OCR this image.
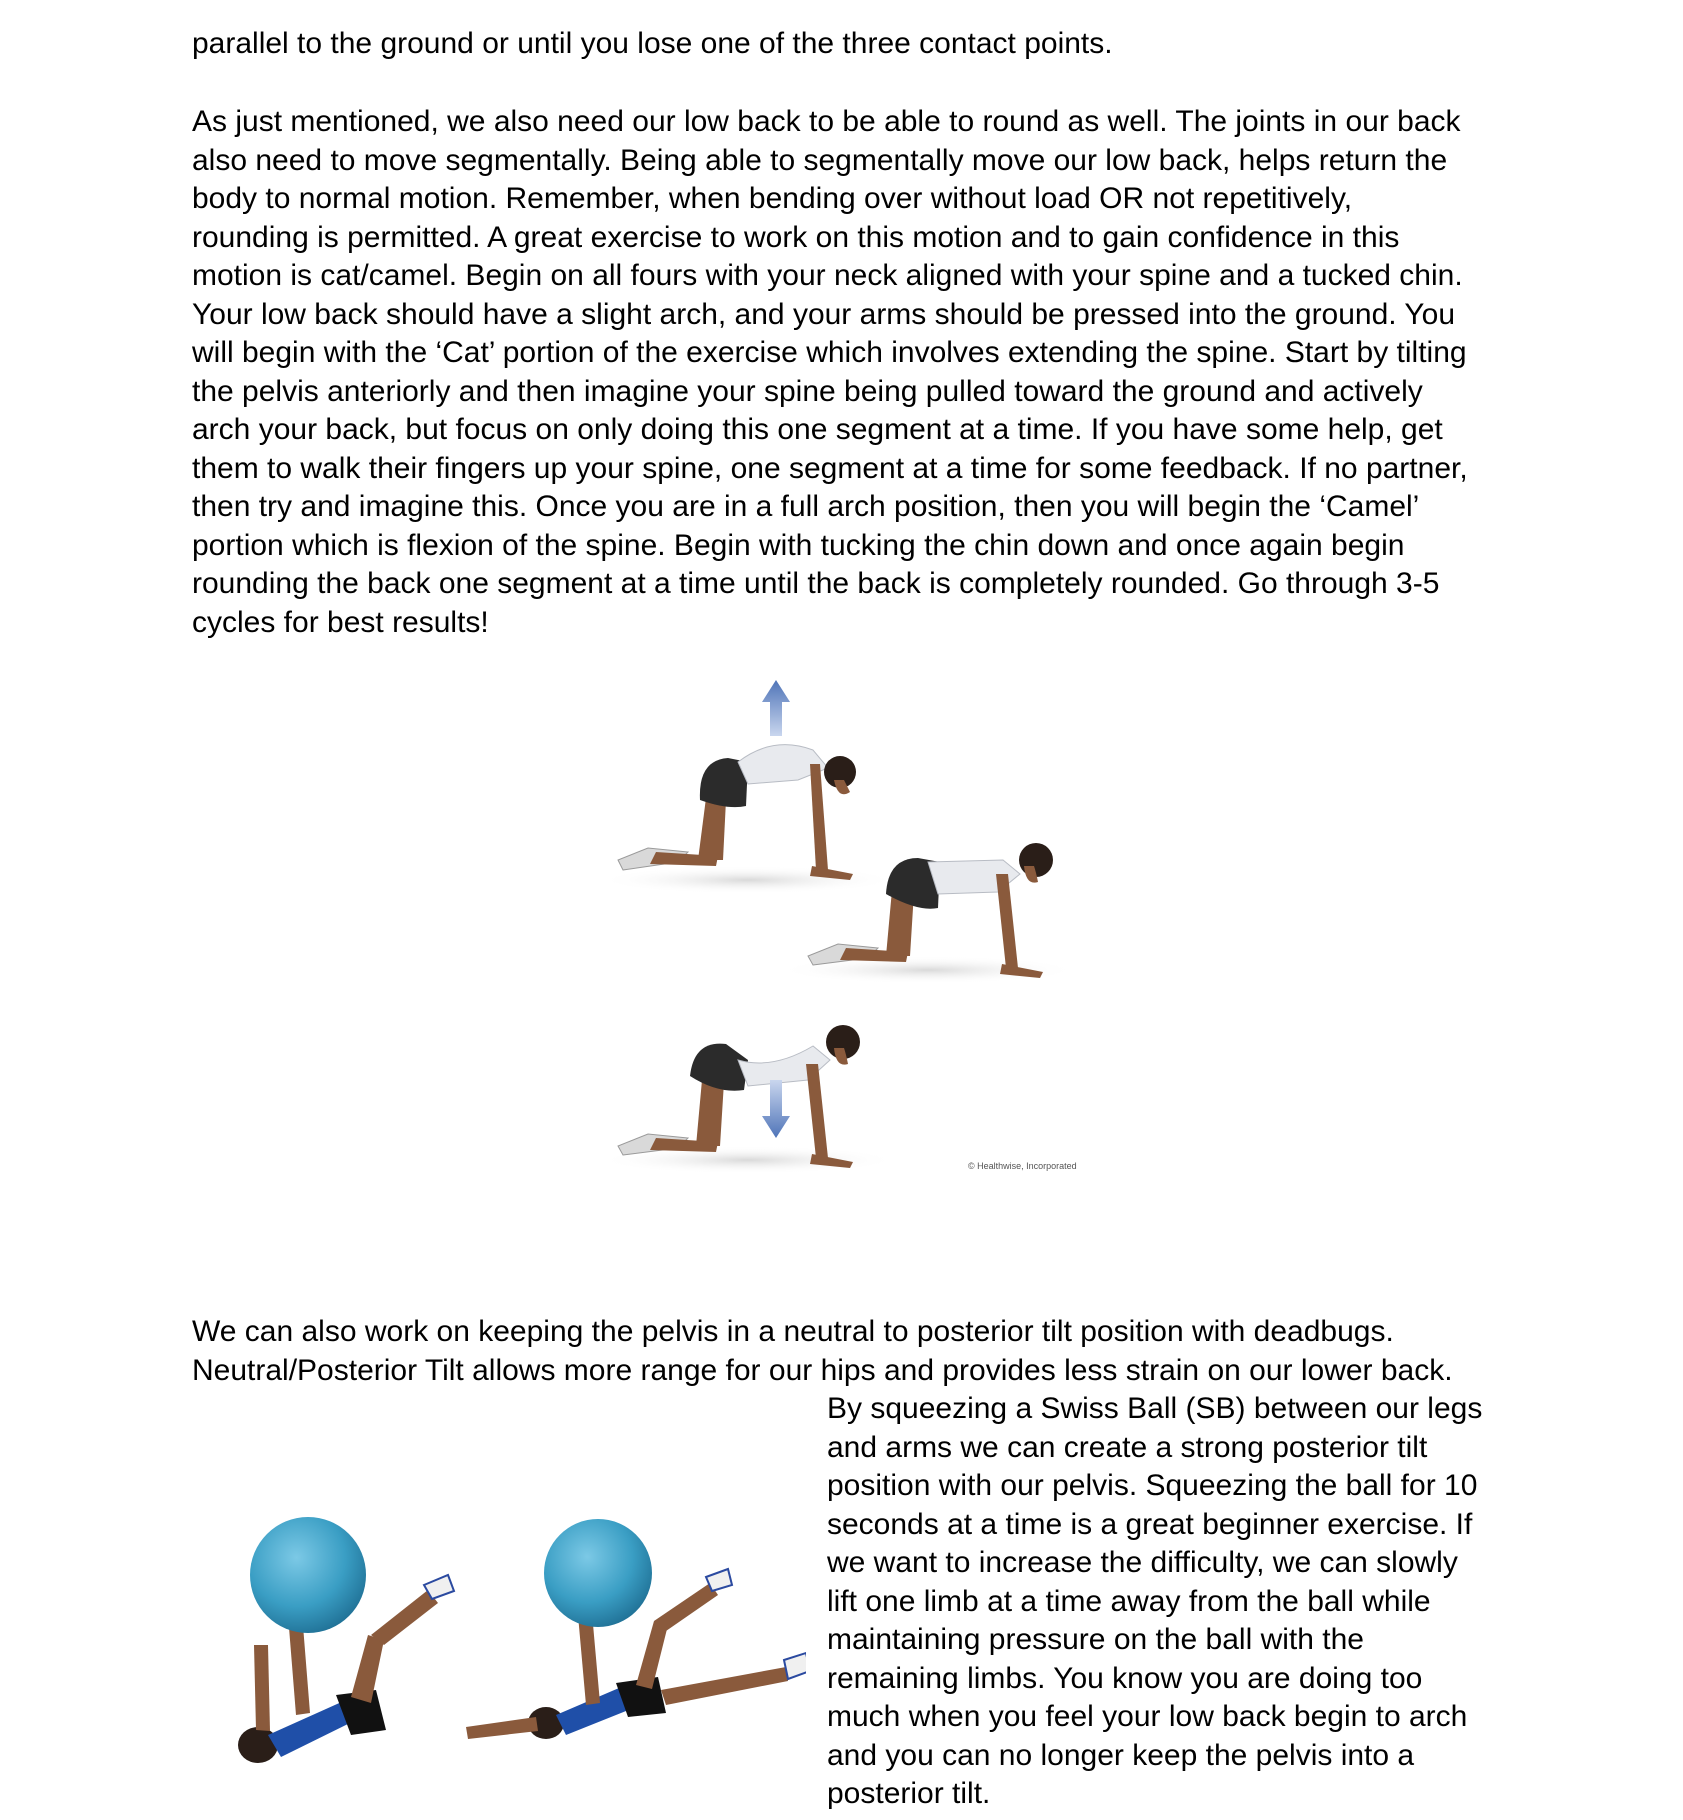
parallel to the ground or until you lose one of the three contact points.

As just mentioned, we also need our low back to be able to round as well. The joints in our back
also need to move segmentally. Being able to segmentally move our low back, helps return the
body to normal motion. Remember, when bending over without load OR not repetitively,
rounding is permitted. A great exercise to work on this motion and to gain confidence in this
motion is cat/camel. Begin on all fours with your neck aligned with your spine and a tucked chin.
Your low back should have a slight arch, and your arms should be pressed into the ground. You
will begin with the ‘Cat’ portion of the exercise which involves extending the spine. Start by tilting
the pelvis anteriorly and then imagine your spine being pulled toward the ground and actively
arch your back, but focus on only doing this one segment at a time. If you have some help, get
them to walk their fingers up your spine, one segment at a time for some feedback. If no partner,
then try and imagine this. Once you are in a full arch position, then you will begin the ‘Camel’
portion which is flexion of the spine. Begin with tucking the chin down and once again begin
rounding the back one segment at a time until the back is completely rounded. Go through 3-5
cycles for best results!

© Healthwise, Incorporated

We can also work on keeping the pelvis in a neutral to posterior tilt position with deadbugs.
Neutral/Posterior Tilt allows more range for our hips and provides less strain on our lower back.

By squeezing a Swiss Ball (SB) between our legs
and arms we can create a strong posterior tilt
position with our pelvis. Squeezing the ball for 10
seconds at a time is a great beginner exercise. If
we want to increase the difficulty, we can slowly
lift one limb at a time away from the ball while
maintaining pressure on the ball with the
remaining limbs. You know you are doing too
much when you feel your low back begin to arch
and you can no longer keep the pelvis into a
posterior tilt.
